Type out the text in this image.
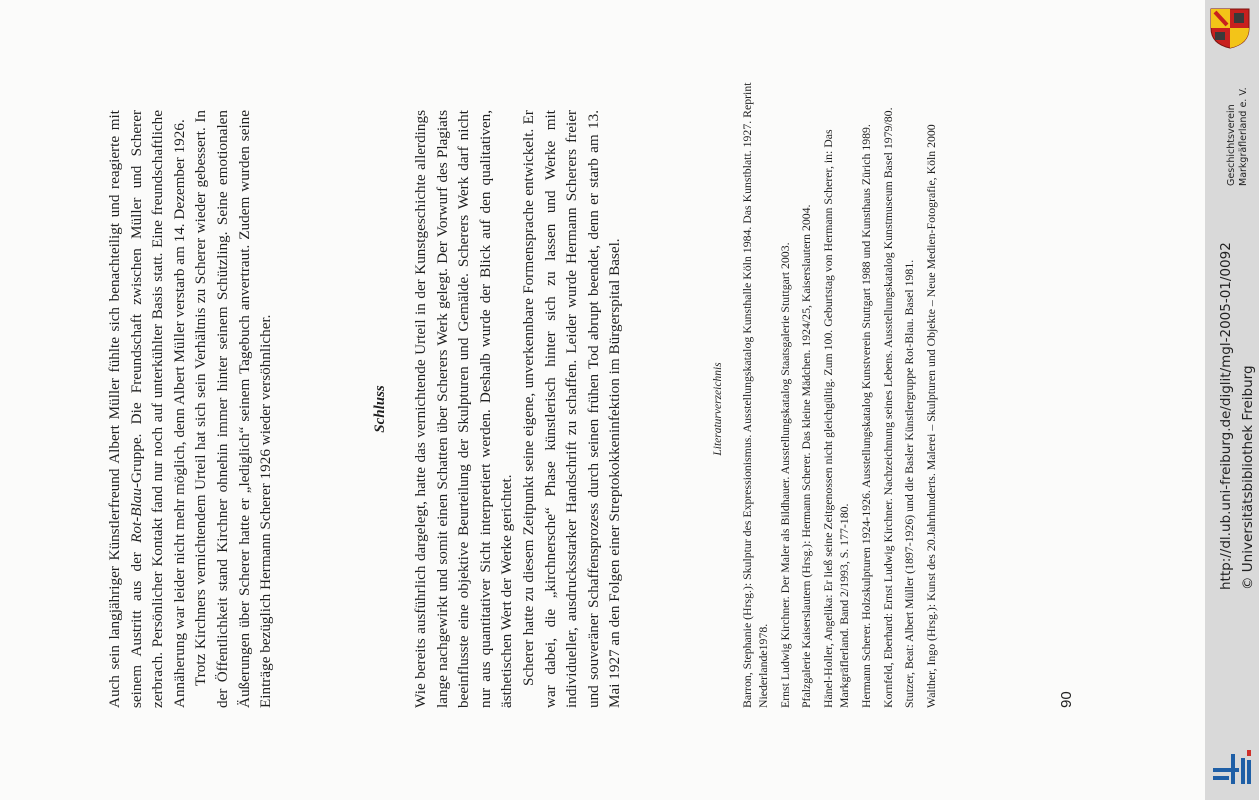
Auch sein langjähriger Künstlerfreund Albert Müller fühlte sich benachteiligt und reagierte mit seinem Austritt aus der Rot-Blau-Gruppe. Die Freundschaft zwischen Müller und Scherer zerbrach. Persönlicher Kontakt fand nur noch auf unterkühlter Basis statt. Eine freundschaftliche Annäherung war leider nicht mehr möglich, denn Albert Müller verstarb am 14. Dezember 1926. Trotz Kirchners vernichtendem Urteil hat sich sein Verhältnis zu Scherer wieder gebessert. In der Öffentlichkeit stand Kirchner ohnehin immer hinter seinem Schützling. Seine emotionalen Äußerungen über Scherer hatte er „lediglich“ seinem Tagebuch anvertraut. Zudem wurden seine Einträge bezüglich Hermann Scherer 1926 wieder versöhnlicher.	Schluss Wie bereits ausführlich dargelegt, hatte das vernichtende Urteil in der Kunstgeschichte allerdings lange nachgewirkt und somit einen Schatten über Scherers Werk gelegt. Der Vorwurf des Plagiats beeinflusste eine objektive Beurteilung der Skulpturen und Gemälde. Scherers Werk darf nicht nur aus quantitativer Sicht interpretiert werden. Deshalb wurde der Blick auf den qualitativen, ästhetischen Wert der Werke gerichtet. Scherer hatte zu diesem Zeitpunkt seine eigene, unverkennbare Formensprache entwickelt. Er war dabei, die „kirchnersche“ Phase künstlerisch hinter sich zu lassen und Werke mit individueller, ausdrucksstarker Handschrift zu schaffen. Leider wurde Hermann Scherers freier und souveräner Schaffensprozess durch seinen frühen Tod abrupt beendet, denn er starb am 13. Mai 1927 an den Folgen einer Streptokokkeninfektion im Bürgerspital Basel.	Literaturverzeichnis Barron, Stephanie (Hrsg.): Skulptur des Expressionismus. Ausstellungskatalog Kunsthalle Köln 1984. Das Kunstblatt. 1927. Reprint Niederlande1978. Ernst Ludwig Kirchner. Der Maler als Bildhauer. Ausstellungskatalog Staatsgalerie Stuttgart 2003. Pfalzgalerie Kaiserslautern (Hrsg.): Hermann Scherer. Das kleine Mädchen. 1924/25, Kaiserslautern 2004. Hänel-Holler, Angelika: Er ließ seine Zeitgenossen nicht gleichgültig. Zum 100. Geburtstag von Hermann Scherer, in: Das Markgräflerland. Band 2/1993, S. 177-180. Hermann Scherer. Holzskulpturen 1924-1926. Ausstellungskatalog Kunstverein Stuttgart 1988 und Kunsthaus Zürich 1989. Kornfeld, Eberhard: Ernst Ludwig Kirchner. Nachzeichnung seines Lebens. Ausstellungskatalog Kunstmuseum Basel 1979/80. Stutzer, Beat: Albert Müller (1897-1926) und die Basler Künstlergruppe Rot-Blau. Basel 1981. Walther, Ingo (Hrsg.): Kunst des 20.Jahrhunderts. Malerei – Skulpturen und Objekte – Neue Medien-Fotografie, Köln 2000	90
Geschichtsverein Markgräflerland e. V.
http://dl.ub.uni-freiburg.de/diglit/mgl-2005-01/0092 © Universitätsbibliothek Freiburg
